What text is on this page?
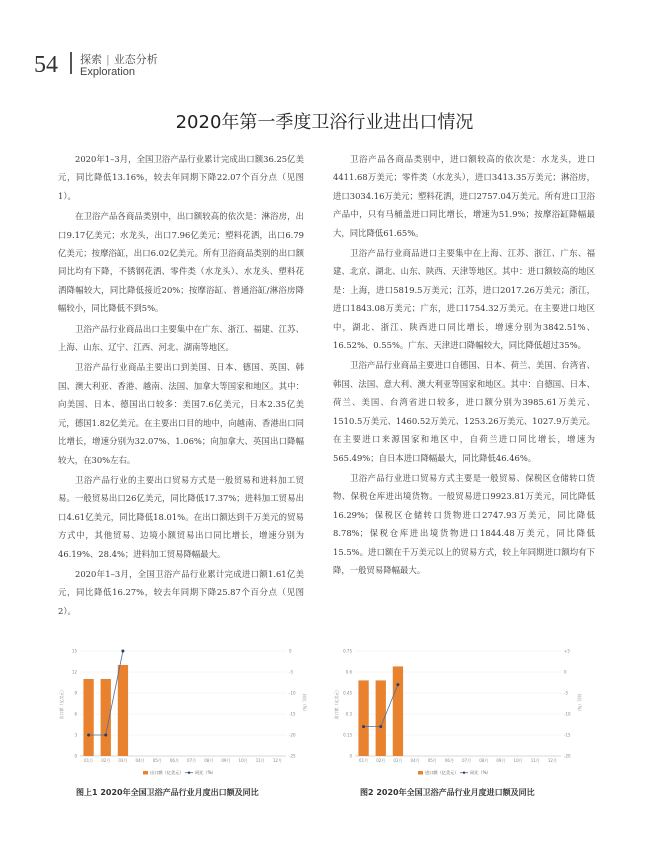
54 探索 | 业态分析
Exploration
2020年第一季度卫浴行业进出口情况

2020年1–3月，全国卫浴产品行业累计完成出口额36.25亿美元，同比降低13.16%，较去年同期下降22.07个百分点（见图1）。

在卫浴产品各商品类别中，出口额较高的依次是：淋浴房，出口9.17亿美元；水龙头，出口7.96亿美元；塑料花洒，出口6.79亿美元；按摩浴缸，出口6.02亿美元。所有卫浴商品类别的出口额同比均有下降，不锈钢花洒、零件类（水龙头）、水龙头、塑料花洒降幅较大，同比降低接近20%；按摩浴缸、普通浴缸/淋浴房降幅较小，同比降低不到5%。

卫浴产品行业商品出口主要集中在广东、浙江、福建、江苏、上海、山东、辽宁、江西、河北、湖南等地区。

卫浴产品行业商品主要出口到美国、日本、德国、英国、韩国、澳大利亚、香港、越南、法国、加拿大等国家和地区。其中：向美国、日本、德国出口较多：美国7.6亿美元，日本2.35亿美元，德国1.82亿美元。在主要出口目的地中，向越南、香港出口同比增长，增速分别为32.07%、1.06%；向加拿大、英国出口降幅较大，在30%左右。

卫浴产品行业的主要出口贸易方式是一般贸易和进料加工贸易。一般贸易出口26亿美元，同比降低17.37%；进料加工贸易出口4.61亿美元，同比降低18.01%。在出口额达到千万美元的贸易方式中，其他贸易、边境小额贸易出口同比增长，增速分别为46.19%、28.4%；进料加工贸易降幅最大。

2020年1–3月，全国卫浴产品行业累计完成进口额1.61亿美元，同比降低16.27%，较去年同期下降25.87个百分点（见图2）。

卫浴产品各商品类别中，进口额较高的依次是：水龙头，进口4411.68万美元；零件类（水龙头），进口3413.35万美元；淋浴房，进口3034.16万美元；塑料花洒，进口2757.04万美元。所有进口卫浴产品中，只有马桶盖进口同比增长，增速为51.9%；按摩浴缸降幅最大，同比降低61.65%。

卫浴产品行业商品进口主要集中在上海、江苏、浙江、广东、福建、北京、湖北、山东、陕西、天津等地区。其中：进口额较高的地区是：上海，进口5819.5万美元；江苏，进口2017.26万美元；浙江，进口1843.08万美元；广东，进口1754.32万美元。在主要进口地区中，湖北、浙江、陕西进口同比增长，增速分别为3842.51%、16.52%、0.55%。广东、天津进口降幅较大，同比降低超过35%。

卫浴产品行业商品主要进口自德国、日本、荷兰、美国、台湾省、韩国、法国、意大利、澳大利亚等国家和地区。其中：自德国、日本、荷兰、美国、台湾省进口较多，进口额分别为3985.61万美元、1510.5万美元、1460.52万美元、1253.26万美元、1027.9万美元。在主要进口来源国家和地区中，自荷兰进口同比增长，增速为565.49%；自日本进口降幅最大，同比降低46.46%。

卫浴产品行业进口贸易方式主要是一般贸易、保税区仓储转口货物、保税仓库进出境货物。一般贸易进口9923.81万美元，同比降低16.29%；保税区仓储转口货物进口2747.93万美元，同比降低8.78%；保税仓库进出境货物进口1844.48万美元，同比降低15.5%。进口额在千万美元以上的贸易方式，较上年同期进口额均有下降，一般贸易降幅最大。

15
12
9
6
3
0
0
-5
-10
-15
-20
-25
出口额（亿美元）	同比（%）
01月 02月 03月 04月 05月 06月 07月 08月 09月 10月 11月 12月
出口额（亿美元）	同比（%）
0.75
0.6
0.45
0.3
0.15
0
+5
0
-5
-10
-15
-20
进口额（亿美元）	同比（%）
01月 02月 03月 04月 05月 06月 07月 08月 09月 10月 11月 12月
进口额（亿美元）	同比（%）
图上1 2020年全国卫浴产品行业月度出口额及同比	图2 2020年全国卫浴产品行业月度进口额及同比
